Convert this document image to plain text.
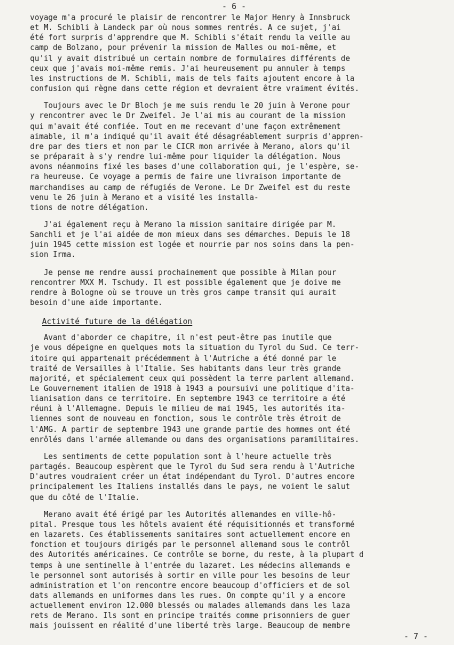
- 6 -

voyage m'a procuré le plaisir de rencontrer le Major Henry à Innsbruck
et M. Schibli à Landeck par où nous sommes rentrés. A ce sujet, j'ai
été fort surpris d'apprendre que M. Schibli s'était rendu la veille au
camp de Bolzano, pour prévenir la mission de Malles ou moi-même, et
qu'il y avait distribué un certain nombre de formulaires différents de
ceux que j'avais moi-même remis. J'ai heureusement pu annuler à temps
les instructions de M. Schibli, mais de tels faits ajoutent encore à la
confusion qui règne dans cette région et devraient être vraiment évités.

Toujours avec le Dr Bloch je me suis rendu le 20 juin à Verone pour
y rencontrer avec le Dr Zweifel. Je l'ai mis au courant de la mission
qui m'avait été confiée. Tout en me recevant d'une façon extrêmement
aimable, il m'a indiqué qu'il avait été désagréablement surpris d'appren-
dre par des tiers et non par le CICR mon arrivée à Merano, alors qu'il
se préparait à s'y rendre lui-même pour liquider la délégation. Nous
avons néanmoins fixé les bases d'une collaboration qui, je l'espère, se-
ra heureuse. Ce voyage a permis de faire une livraison importante de
marchandises au camp de réfugiés de Verone. Le Dr Zweifel est du reste
venu le 26 juin à Merano et a visité les installa-
tions de notre délégation.

J'ai également reçu à Merano la mission sanitaire dirigée par M.
Sanchli et je l'ai aidée de mon mieux dans ses démarches. Depuis le 18
juin 1945 cette mission est logée et nourrie par nos soins dans la pen-
sion Irma.

Je pense me rendre aussi prochainement que possible à Milan pour
rencontrer MXX M. Tschudy. Il est possible également que je doive me
rendre à Bologne où se trouve un très gros campe transit qui aurait
besoin d'une aide importante.

Activité future de la délégation

Avant d'aborder ce chapitre, il n'est peut-être pas inutile que
je vous dépeigne en quelques mots la situation du Tyrol du Sud. Ce terr-
itoire qui appartenait précédemment à l'Autriche a été donné par le
traité de Versailles à l'Italie. Ses habitants dans leur très grande
majorité, et spécialement ceux qui possèdent la terre parlent allemand.
Le Gouvernement italien de 1918 à 1943 a poursuivi une politique d'ita-
lianisation dans ce territoire. En septembre 1943 ce territoire a été
réuni à l'Allemagne. Depuis le milieu de mai 1945, les autorités ita-
liennes sont de nouveau en fonction, sous le contrôle très étroit de
l'AMG. A partir de septembre 1943 une grande partie des hommes ont été
enrôlés dans l'armée allemande ou dans des organisations paramilitaires.

Les sentiments de cette population sont à l'heure actuelle très
partagés. Beaucoup espèrent que le Tyrol du Sud sera rendu à l'Autriche
D'autres voudraient créer un état indépendant du Tyrol. D'autres encore
principalement les Italiens installés dans le pays, ne voient le salut
que du côté de l'Italie.

Merano avait été érigé par les Autorités allemandes en ville-hô-
pital. Presque tous les hôtels avaient été réquisitionnés et transformé
en lazarets. Ces établissements sanitaires sont actuellement encore en
fonction et toujours dirigés par le personnel allemand sous le contrôl
des Autorités américaines. Ce contrôle se borne, du reste, à la plupart d
temps à une sentinelle à l'entrée du lazaret. Les médecins allemands e
le personnel sont autorisés à sortir en ville pour les besoins de leur
administration et l'on rencontre encore beaucoup d'officiers et de sol
dats allemands en uniformes dans les rues. On compte qu'il y a encore
actuellement environ 12.000 blessés ou malades allemands dans les laza
rets de Merano. Ils sont en principe traités comme prisonniers de guer
mais jouissent en réalité d'une liberté très large. Beaucoup de membre

- 7 -
